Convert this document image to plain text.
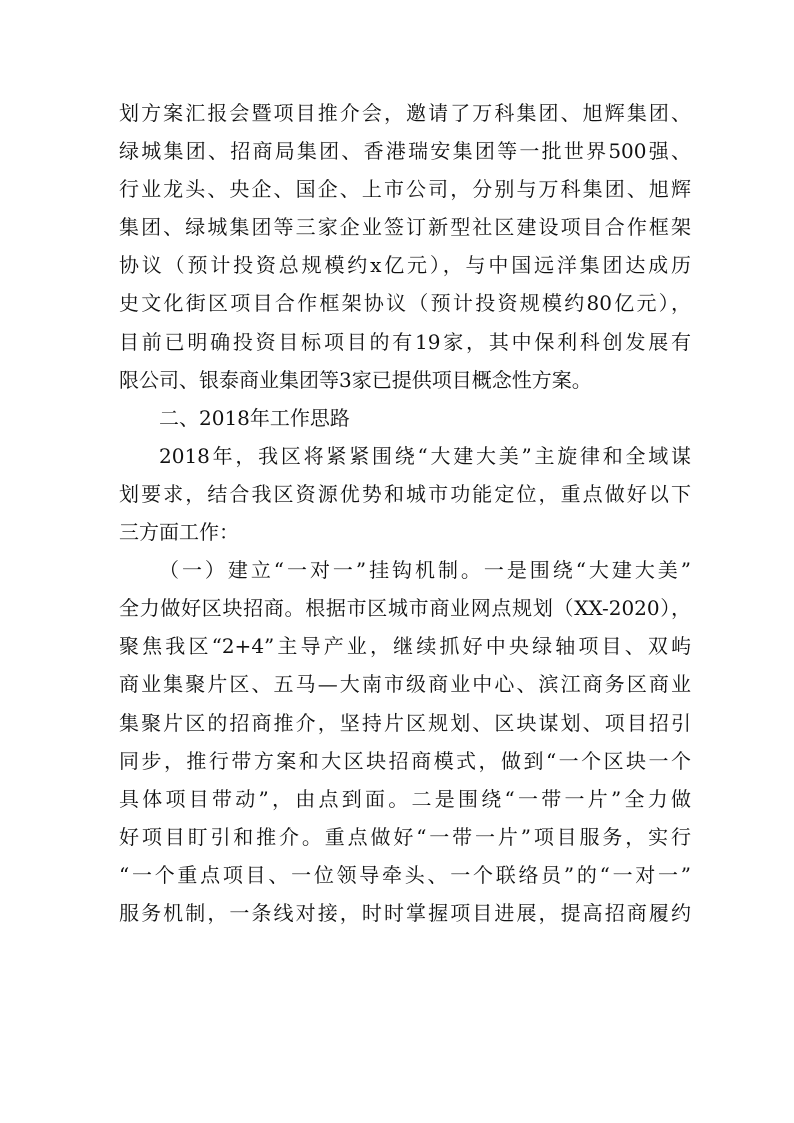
划方案汇报会暨项目推介会，邀请了万科集团、旭辉集团、
绿城集团、招商局集团、香港瑞安集团等一批世界500强、
行业龙头、央企、国企、上市公司，分别与万科集团、旭辉
集团、绿城集团等三家企业签订新型社区建设项目合作框架
协议（预计投资总规模约x亿元），与中国远洋集团达成历
史文化街区项目合作框架协议（预计投资规模约80亿元），
目前已明确投资目标项目的有19家，其中保利科创发展有
限公司、银泰商业集团等3家已提供项目概念性方案。
二、2018年工作思路
2018年，我区将紧紧围绕“大建大美”主旋律和全域谋
划要求，结合我区资源优势和城市功能定位，重点做好以下
三方面工作：
（一）建立“一对一”挂钩机制。一是围绕“大建大美”
全力做好区块招商。根据市区城市商业网点规划（XX-2020），
聚焦我区“2+4”主导产业，继续抓好中央绿轴项目、双屿
商业集聚片区、五马—大南市级商业中心、滨江商务区商业
集聚片区的招商推介，坚持片区规划、区块谋划、项目招引
同步，推行带方案和大区块招商模式，做到“一个区块一个
具体项目带动”，由点到面。二是围绕“一带一片”全力做
好项目盯引和推介。重点做好“一带一片”项目服务，实行
“一个重点项目、一位领导牵头、一个联络员”的“一对一”
服务机制，一条线对接，时时掌握项目进展，提高招商履约
